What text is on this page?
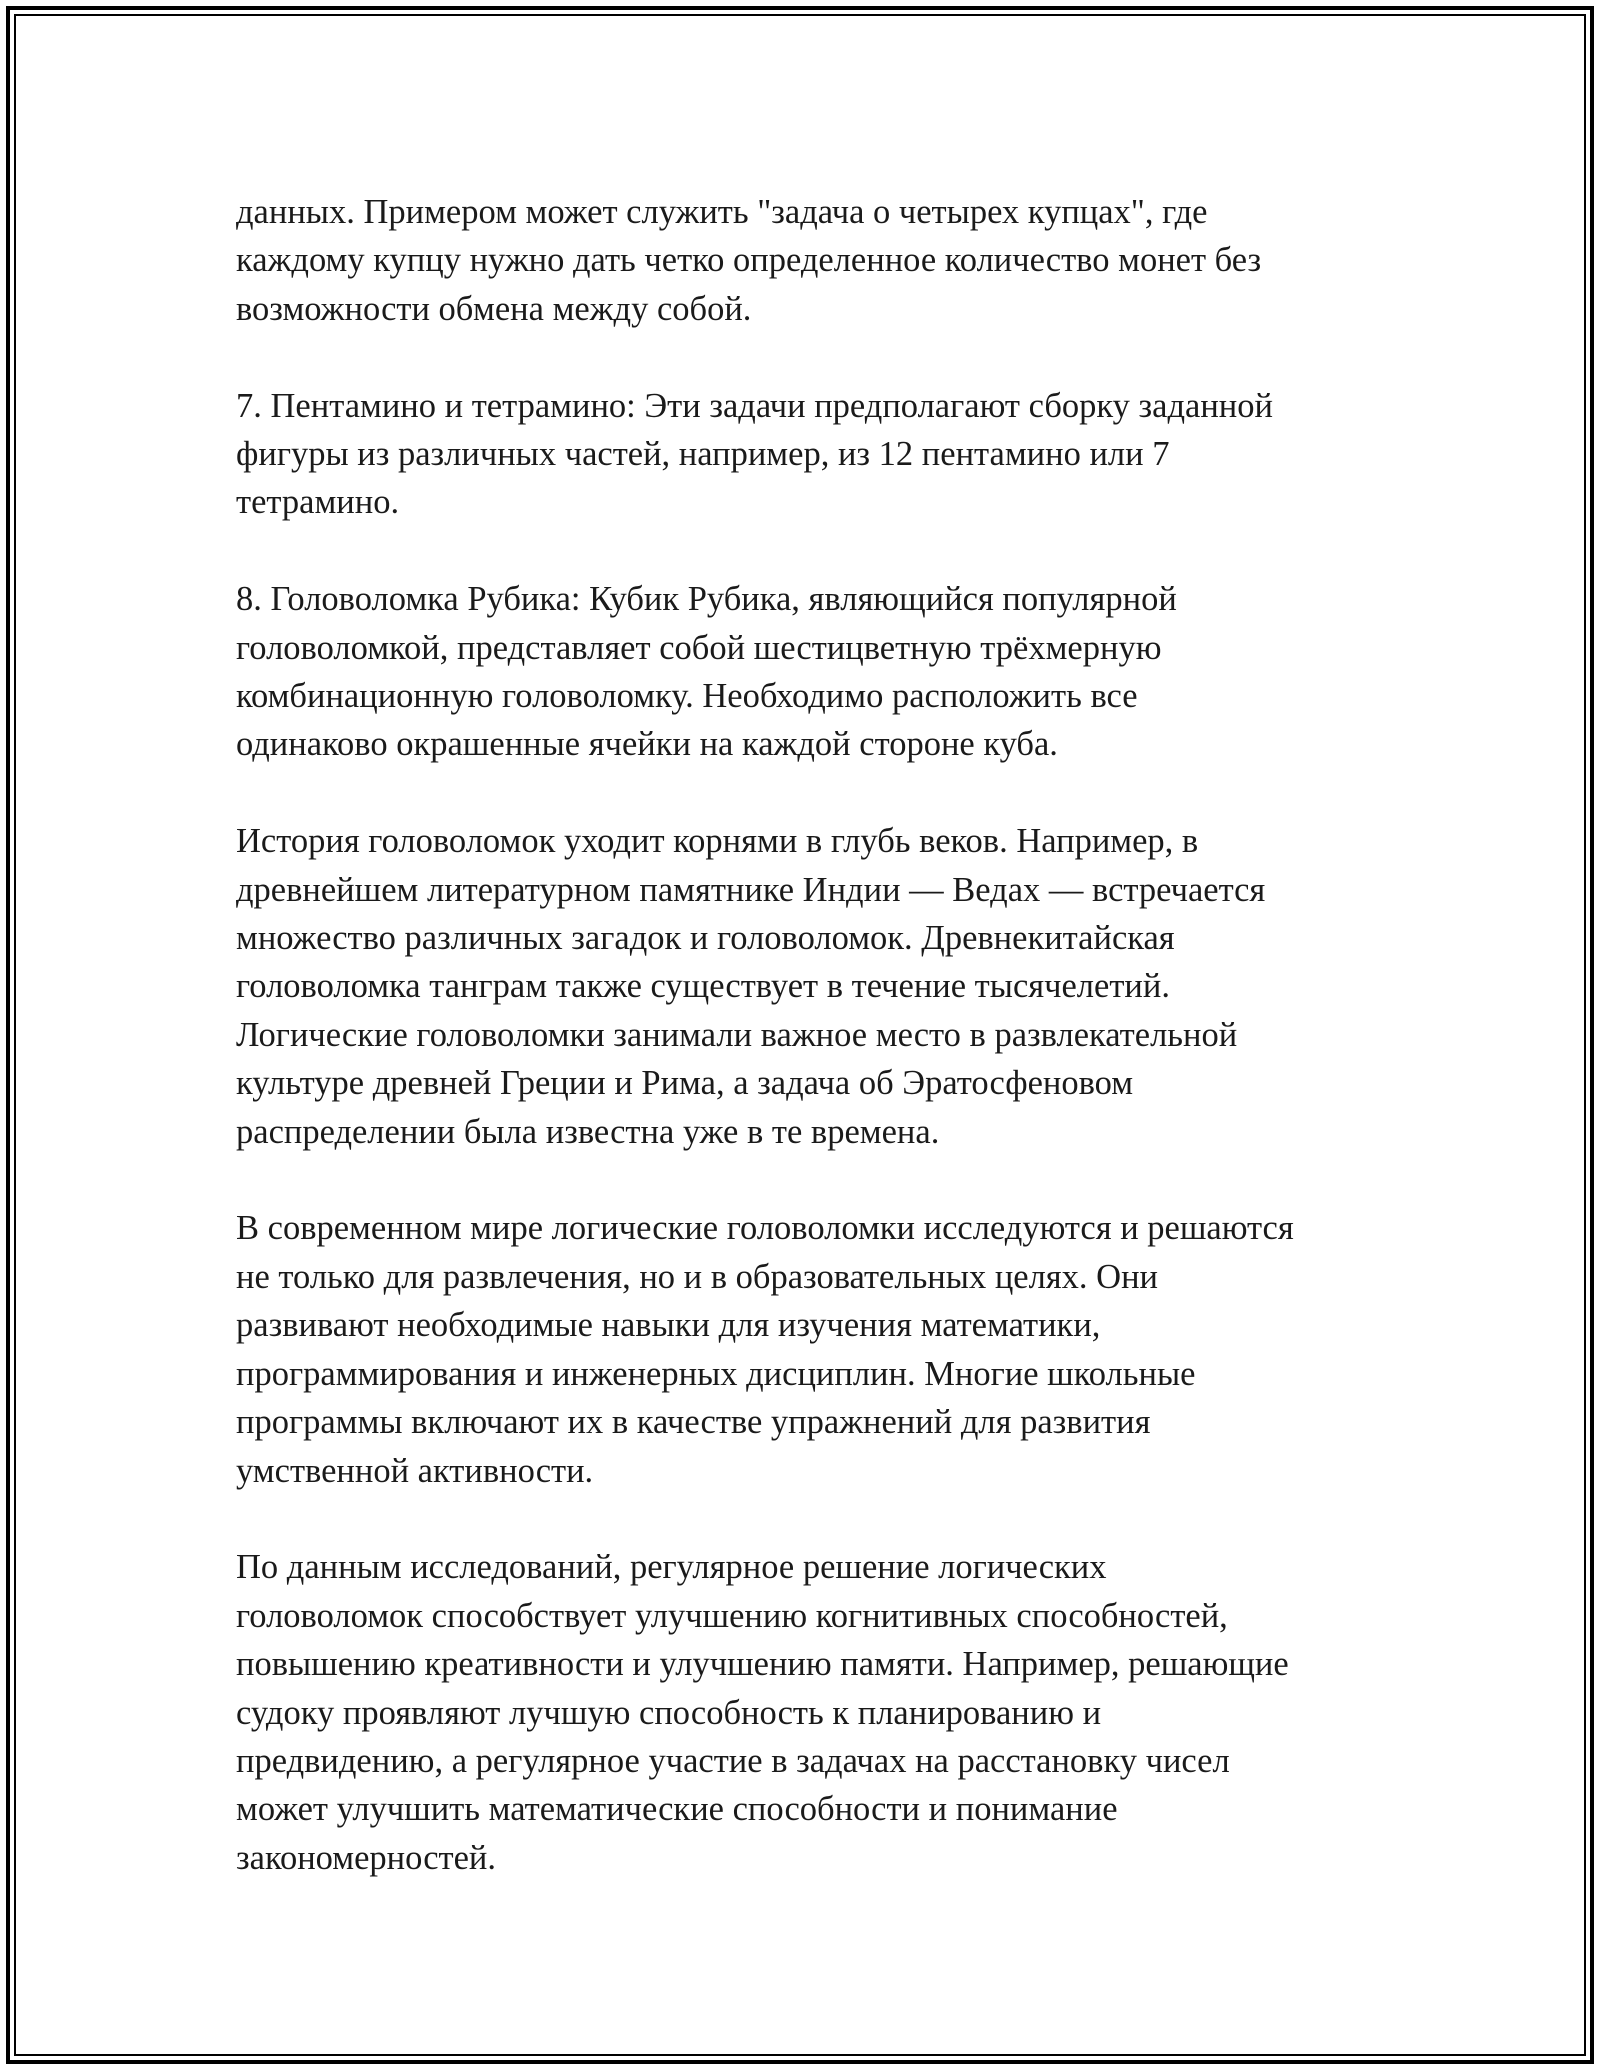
данных. Примером может служить "задача о четырех купцах", где
каждому купцу нужно дать четко определенное количество монет без
возможности обмена между собой.

7. Пентамино и тетрамино: Эти задачи предполагают сборку заданной
фигуры из различных частей, например, из 12 пентамино или 7
тетрамино.

8. Головоломка Рубика: Кубик Рубика, являющийся популярной
головоломкой, представляет собой шестицветную трёхмерную
комбинационную головоломку. Необходимо расположить все
одинаково окрашенные ячейки на каждой стороне куба.

История головоломок уходит корнями в глубь веков. Например, в
древнейшем литературном памятнике Индии — Ведах — встречается
множество различных загадок и головоломок. Древнекитайская
головоломка танграм также существует в течение тысячелетий.
Логические головоломки занимали важное место в развлекательной
культуре древней Греции и Рима, а задача об Эратосфеновом
распределении была известна уже в те времена.

В современном мире логические головоломки исследуются и решаются
не только для развлечения, но и в образовательных целях. Они
развивают необходимые навыки для изучения математики,
программирования и инженерных дисциплин. Многие школьные
программы включают их в качестве упражнений для развития
умственной активности.

По данным исследований, регулярное решение логических
головоломок способствует улучшению когнитивных способностей,
повышению креативности и улучшению памяти. Например, решающие
судоку проявляют лучшую способность к планированию и
предвидению, а регулярное участие в задачах на расстановку чисел
может улучшить математические способности и понимание
закономерностей.
